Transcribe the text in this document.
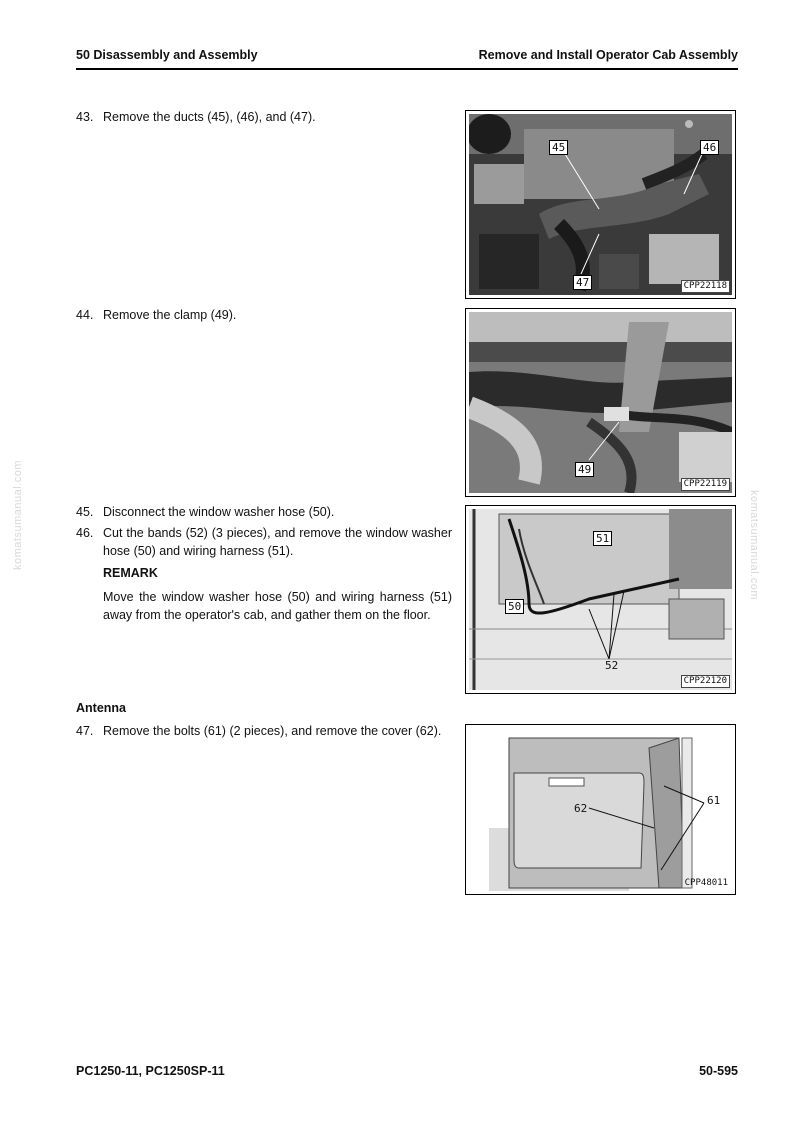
50 Disassembly and Assembly	Remove and Install Operator Cab Assembly
43. Remove the ducts (45), (46), and (47).
45	46
47	CPP22118
44. Remove the clamp (49).
49
CPP22119
45. Disconnect the window washer hose (50).
46. Cut the bands (52) (3 pieces), and remove the window washer hose (50) and wiring harness (51).
REMARK
Move the window washer hose (50) and wiring harness (51) away from the operator's cab, and gather them on the floor.
51
50
52
CPP22120
Antenna
47. Remove the bolts (61) (2 pieces), and remove the cover (62).
61
62
CPP48011
komatsumanual.com	komatsumanual.com
PC1250-11, PC1250SP-11	50-595
